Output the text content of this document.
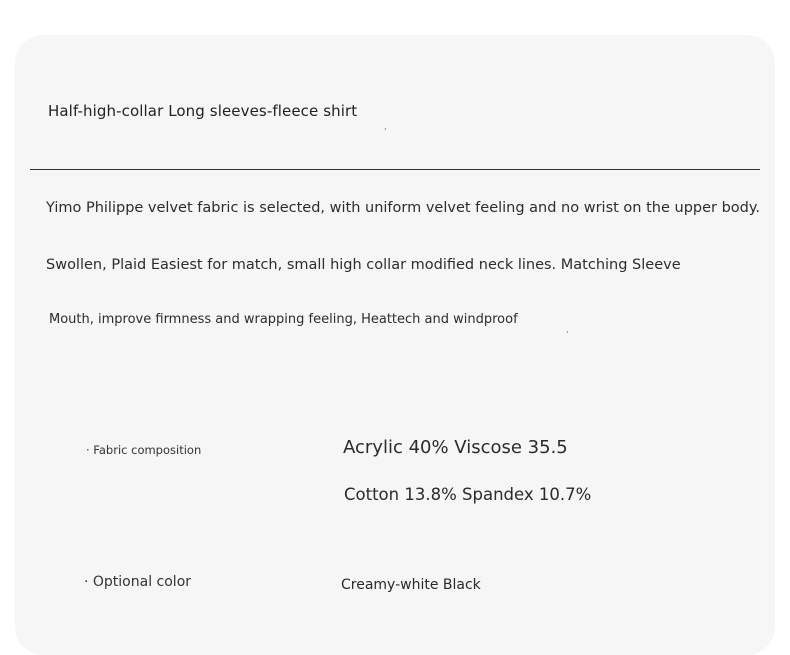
Half-high-collar Long sleeves-fleece shirt
,
Yimo Philippe velvet fabric is selected, with uniform velvet feeling and no wrist on the upper body.
Swollen, Plaid Easiest for match, small high collar modified neck lines. Matching Sleeve
Mouth, improve firmness and wrapping feeling, Heattech and windproof
,
· Fabric composition	Acrylic 40% Viscose 35.5
Cotton 13.8% Spandex 10.7%
· Optional color	Creamy-white Black
